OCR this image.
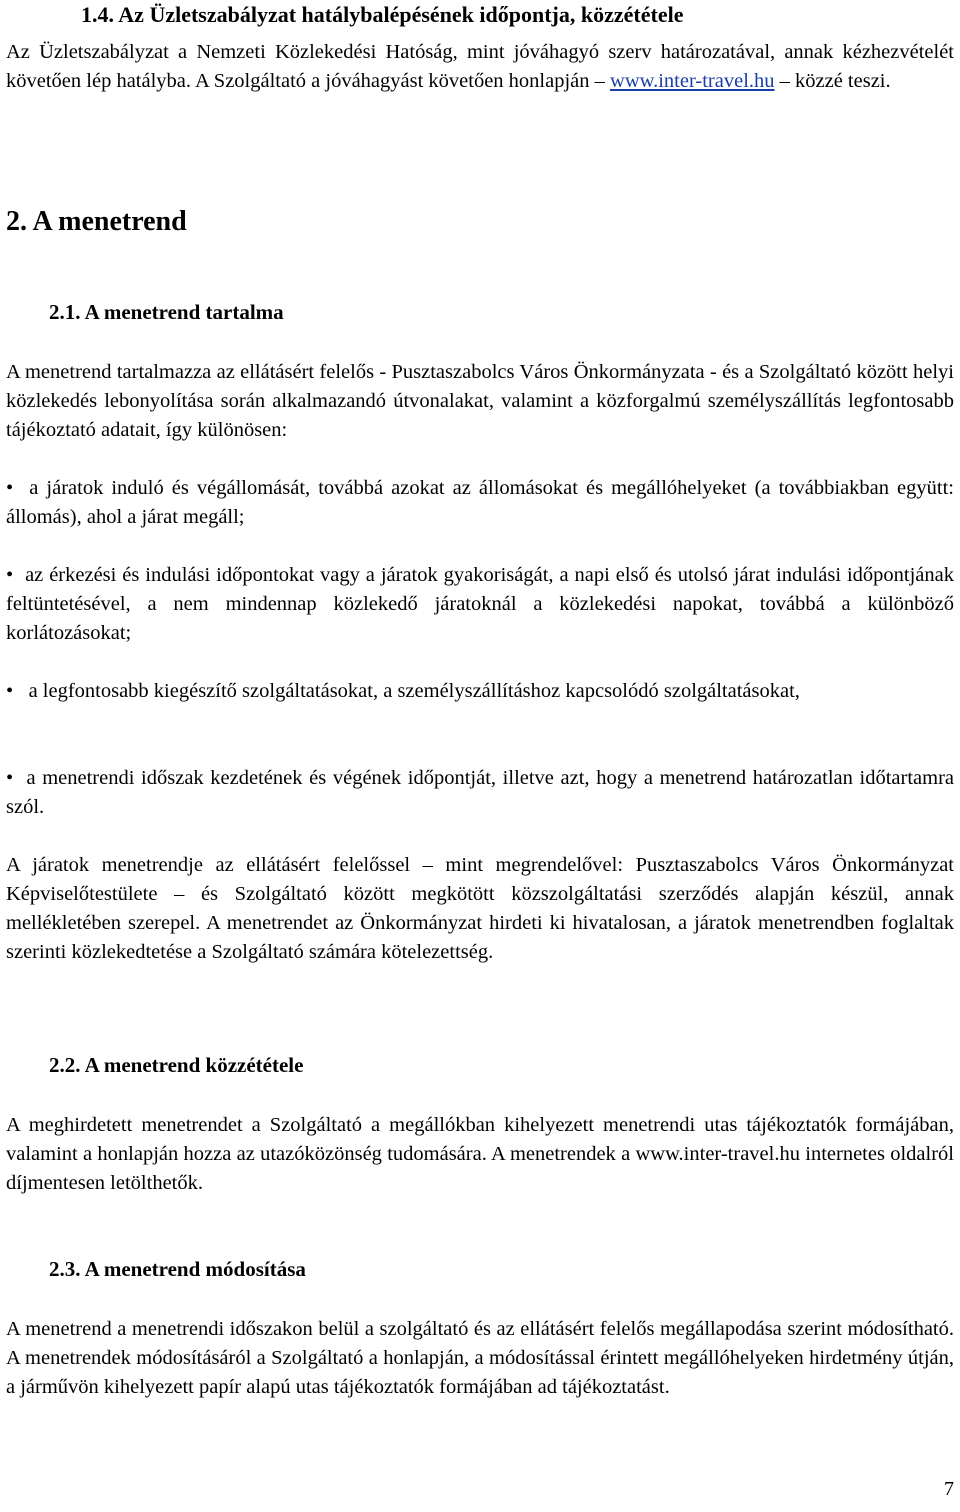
1.4. Az Üzletszabályzat hatálybalépésének időpontja, közzététele

Az Üzletszabályzat a Nemzeti Közlekedési Hatóság, mint jóváhagyó szerv határozatával, annak kézhezvételét követően lép hatályba. A Szolgáltató a jóváhagyást követően honlapján – www.inter-travel.hu – közzé teszi.

2. A menetrend
2.1. A menetrend tartalma

A menetrend tartalmazza az ellátásért felelős - Pusztaszabolcs Város Önkormányzata - és a Szolgáltató között helyi közlekedés lebonyolítása során alkalmazandó útvonalakat, valamint a közforgalmú személyszállítás legfontosabb tájékoztató adatait, így különösen:

• a járatok induló és végállomását, továbbá azokat az állomásokat és megállóhelyeket (a továbbiakban együtt: állomás), ahol a járat megáll;
• az érkezési és indulási időpontokat vagy a járatok gyakoriságát, a napi első és utolsó járat indulási időpontjának feltüntetésével, a nem mindennap közlekedő járatoknál a közlekedési napokat, továbbá a különböző korlátozásokat;
• a legfontosabb kiegészítő szolgáltatásokat, a személyszállításhoz kapcsolódó szolgáltatásokat,
• a menetrendi időszak kezdetének és végének időpontját, illetve azt, hogy a menetrend határozatlan időtartamra szól.

A járatok menetrendje az ellátásért felelőssel – mint megrendelővel: Pusztaszabolcs Város Önkormányzat Képviselőtestülete – és Szolgáltató között megkötött közszolgáltatási szerződés alapján készül, annak mellékletében szerepel. A menetrendet az Önkormányzat hirdeti ki hivatalosan, a járatok menetrendben foglaltak szerinti közlekedtetése a Szolgáltató számára kötelezettség.

2.2. A menetrend közzététele

A meghirdetett menetrendet a Szolgáltató a megállókban kihelyezett menetrendi utas tájékoztatók formájában, valamint a honlapján hozza az utazóközönség tudomására. A menetrendek a www.inter-travel.hu internetes oldalról díjmentesen letölthetők.

2.3. A menetrend módosítása

A menetrend a menetrendi időszakon belül a szolgáltató és az ellátásért felelős megállapodása szerint módosítható. A menetrendek módosításáról a Szolgáltató a honlapján, a módosítással érintett megállóhelyeken hirdetmény útján, a járművön kihelyezett papír alapú utas tájékoztatók formájában ad tájékoztatást.

7
